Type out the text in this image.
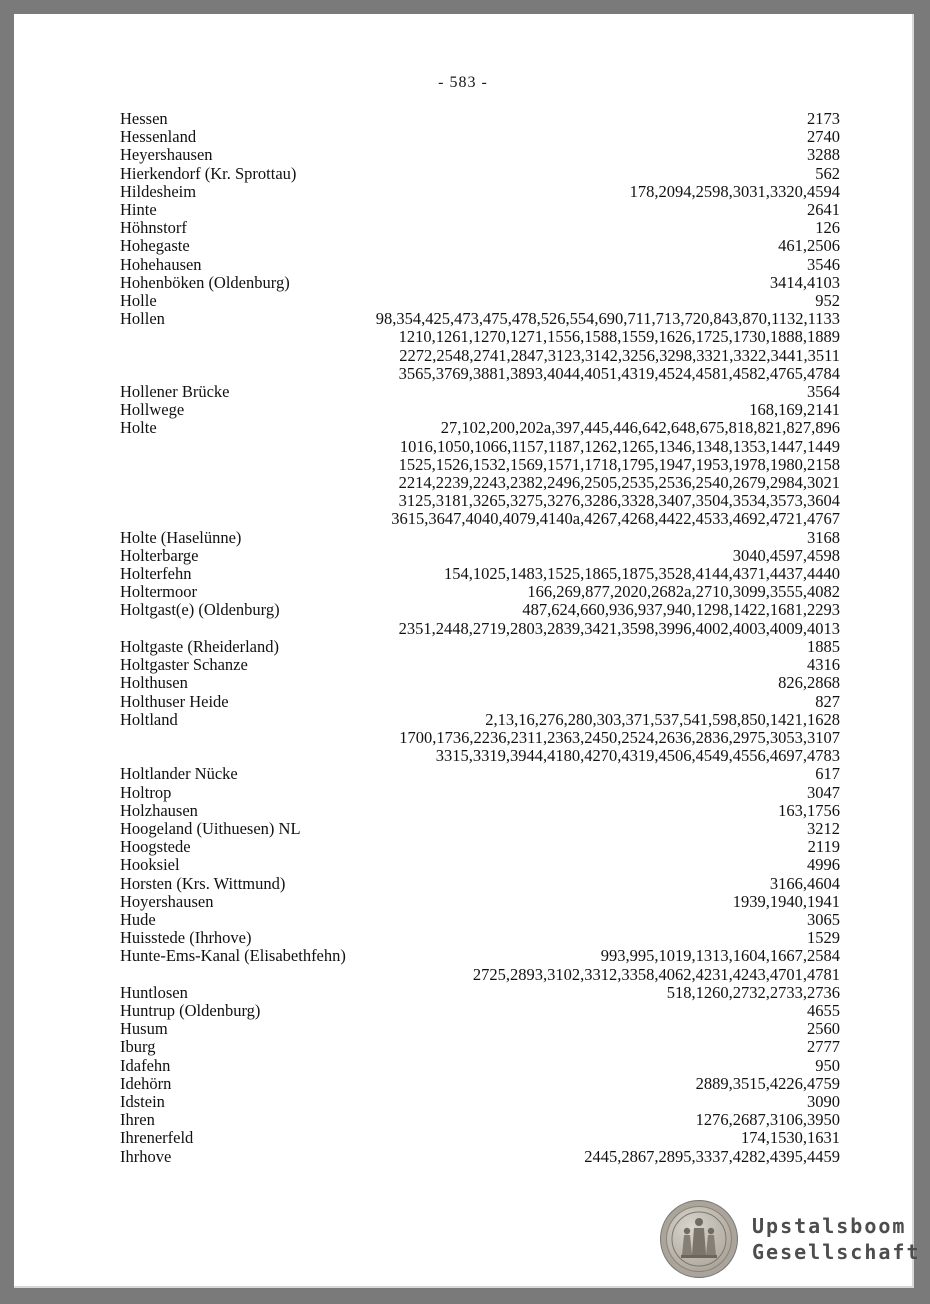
- 583 -
Hessen	2173
Hessenland	2740
Heyershausen	3288
Hierkendorf (Kr. Sprottau)	562
Hildesheim	178,2094,2598,3031,3320,4594
Hinte	2641
Höhnstorf	126
Hohegaste	461,2506
Hohehausen	3546
Hohenböken (Oldenburg)	3414,4103
Holle	952
Hollen	98,354,425,473,475,478,526,554,690,711,713,720,843,870,1132,1133
1210,1261,1270,1271,1556,1588,1559,1626,1725,1730,1888,1889
2272,2548,2741,2847,3123,3142,3256,3298,3321,3322,3441,3511
3565,3769,3881,3893,4044,4051,4319,4524,4581,4582,4765,4784
Hollener Brücke	3564
Hollwege	168,169,2141
Holte	27,102,200,202a,397,445,446,642,648,675,818,821,827,896
1016,1050,1066,1157,1187,1262,1265,1346,1348,1353,1447,1449
1525,1526,1532,1569,1571,1718,1795,1947,1953,1978,1980,2158
2214,2239,2243,2382,2496,2505,2535,2536,2540,2679,2984,3021
3125,3181,3265,3275,3276,3286,3328,3407,3504,3534,3573,3604
3615,3647,4040,4079,4140a,4267,4268,4422,4533,4692,4721,4767
Holte (Haselünne)	3168
Holterbarge	3040,4597,4598
Holterfehn	154,1025,1483,1525,1865,1875,3528,4144,4371,4437,4440
Holtermoor	166,269,877,2020,2682a,2710,3099,3555,4082
Holtgast(e) (Oldenburg)	487,624,660,936,937,940,1298,1422,1681,2293
2351,2448,2719,2803,2839,3421,3598,3996,4002,4003,4009,4013
Holtgaste (Rheiderland)	1885
Holtgaster Schanze	4316
Holthusen	826,2868
Holthuser Heide	827
Holtland	2,13,16,276,280,303,371,537,541,598,850,1421,1628
1700,1736,2236,2311,2363,2450,2524,2636,2836,2975,3053,3107
3315,3319,3944,4180,4270,4319,4506,4549,4556,4697,4783
Holtlander Nücke	617
Holtrop	3047
Holzhausen	163,1756
Hoogeland (Uithuesen) NL	3212
Hoogstede	2119
Hooksiel	4996
Horsten (Krs. Wittmund)	3166,4604
Hoyershausen	1939,1940,1941
Hude	3065
Huisstede (Ihrhove)	1529
Hunte-Ems-Kanal (Elisabethfehn)	993,995,1019,1313,1604,1667,2584
2725,2893,3102,3312,3358,4062,4231,4243,4701,4781
Huntlosen	518,1260,2732,2733,2736
Huntrup (Oldenburg)	4655
Husum	2560
Iburg	2777
Idafehn	950
Idehörn	2889,3515,4226,4759
Idstein	3090
Ihren	1276,2687,3106,3950
Ihrenerfeld	174,1530,1631
Ihrhove	2445,2867,2895,3337,4282,4395,4459
Upstalsboom
Gesellschaft
